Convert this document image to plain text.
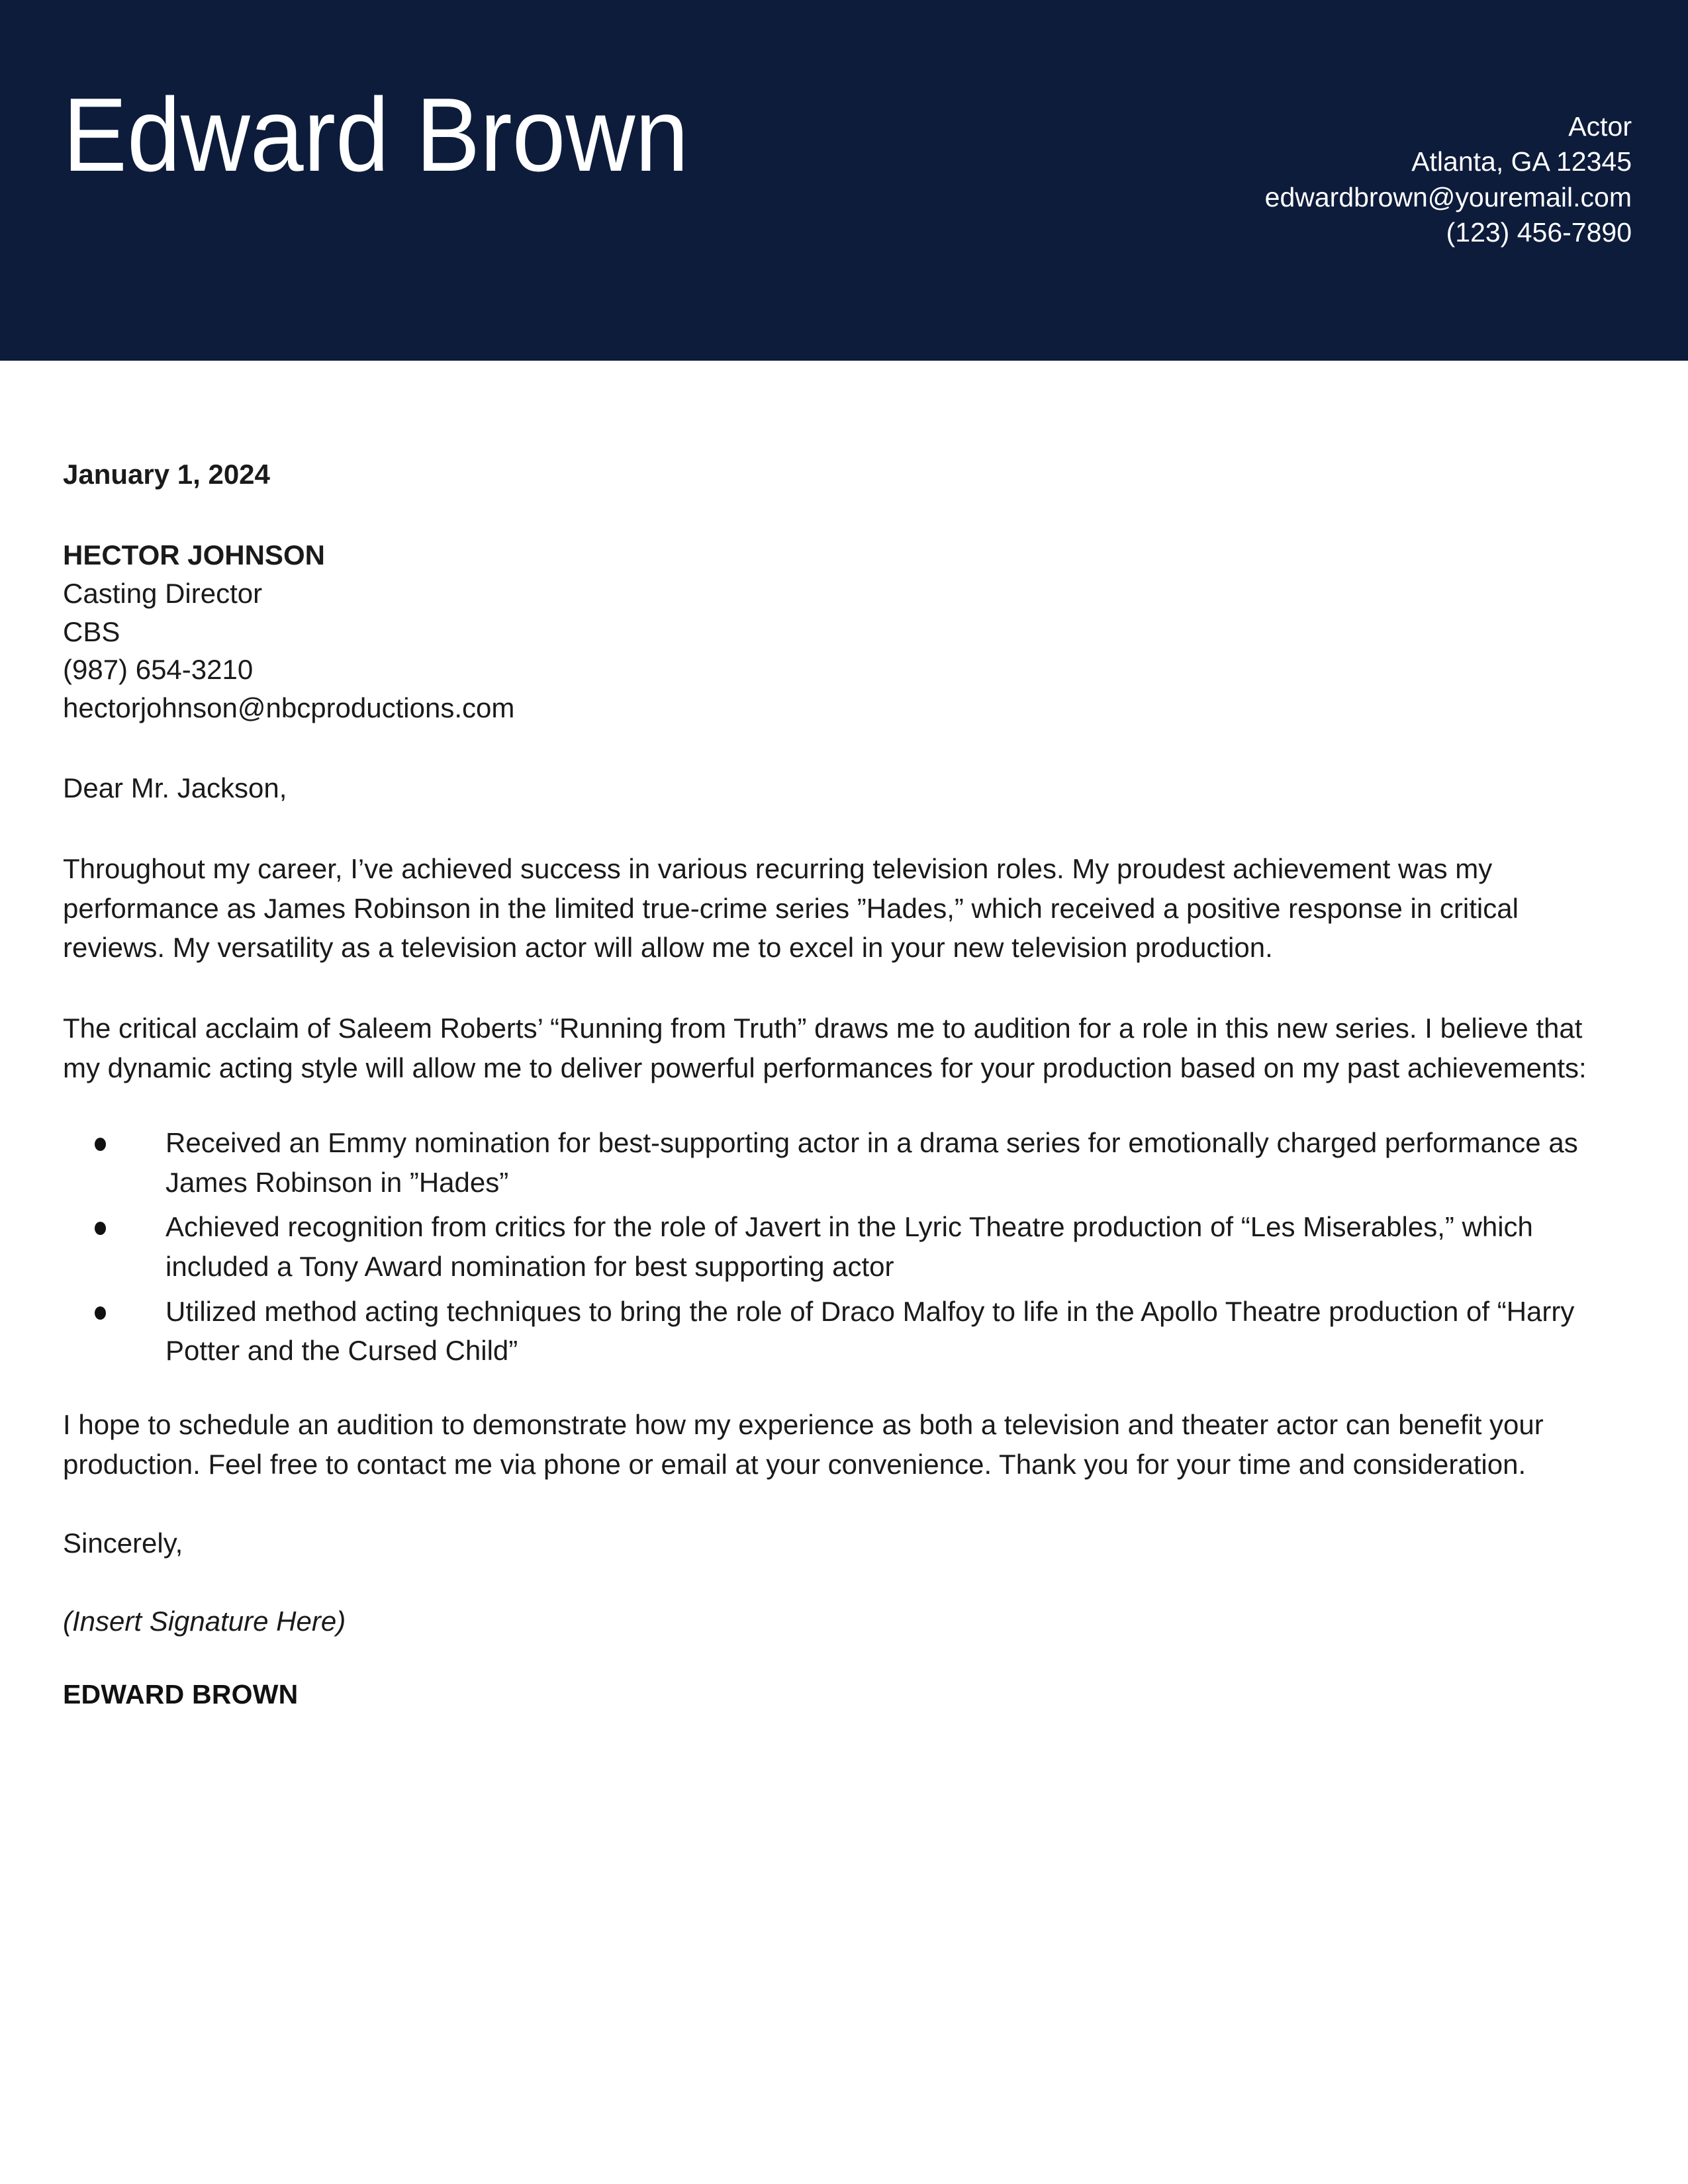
Edward Brown	Actor
Atlanta, GA 12345
edwardbrown@youremail.com
(123) 456-7890
January 1, 2024
HECTOR JOHNSON
Casting Director
CBS
(987) 654-3210
hectorjohnson@nbcproductions.com
Dear Mr. Jackson,
Throughout my career, I’ve achieved success in various recurring television roles. My proudest achievement was my performance as James Robinson in the limited true-crime series ”Hades,” which received a positive response in critical reviews. My versatility as a television actor will allow me to excel in your new television production.
The critical acclaim of Saleem Roberts’ “Running from Truth” draws me to audition for a role in this new series. I believe that my dynamic acting style will allow me to deliver powerful performances for your production based on my past achievements:
Received an Emmy nomination for best-supporting actor in a drama series for emotionally charged performance as James Robinson in ”Hades”
Achieved recognition from critics for the role of Javert in the Lyric Theatre production of “Les Miserables,” which included a Tony Award nomination for best supporting actor
Utilized method acting techniques to bring the role of Draco Malfoy to life in the Apollo Theatre production of “Harry Potter and the Cursed Child”
I hope to schedule an audition to demonstrate how my experience as both a television and theater actor can benefit your production. Feel free to contact me via phone or email at your convenience. Thank you for your time and consideration.
Sincerely,
(Insert Signature Here)
EDWARD BROWN
